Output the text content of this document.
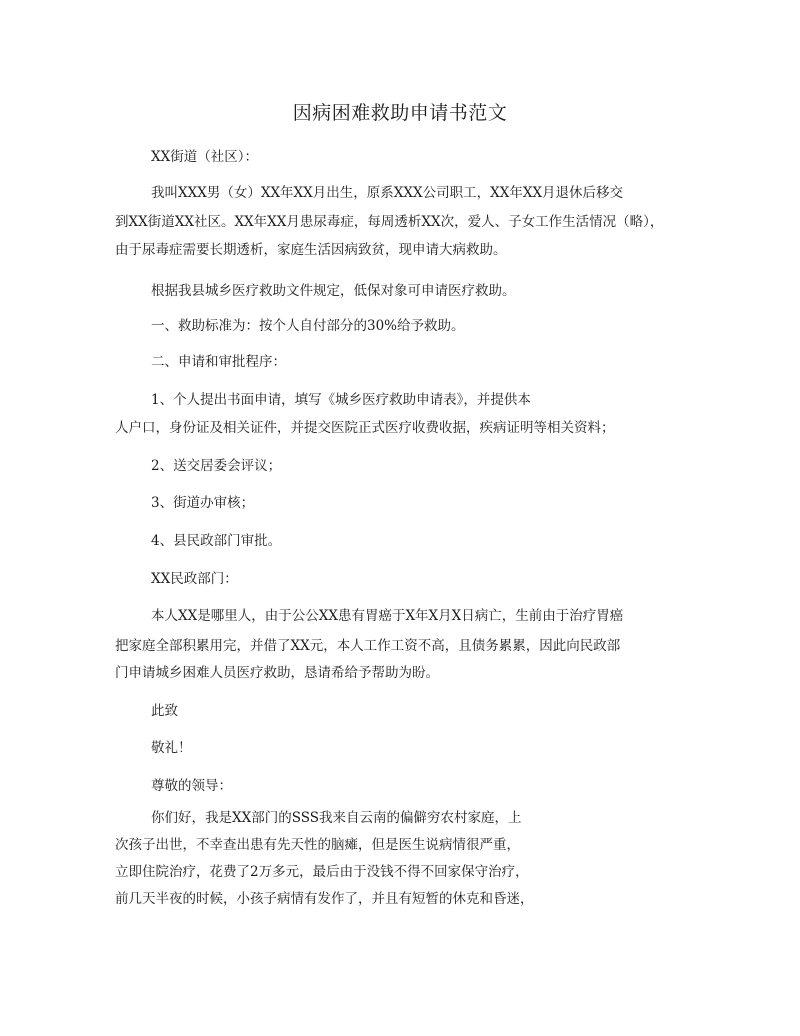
因病困难救助申请书范文
XX街道（社区）：
我叫XXX男（女）XX年XX月出生，原系XXX公司职工，XX年XX月退休后移交
到XX街道XX社区。XX年XX月患尿毒症，每周透析XX次，爱人、子女工作生活情况（略），
由于尿毒症需要长期透析，家庭生活因病致贫，现申请大病救助。
根据我县城乡医疗救助文件规定，低保对象可申请医疗救助。
一、救助标准为：按个人自付部分的30%给予救助。
二、申请和审批程序：
1、个人提出书面申请，填写《城乡医疗救助申请表》，并提供本
人户口，身份证及相关证件，并提交医院正式医疗收费收据，疾病证明等相关资料；
2、送交居委会评议；
3、街道办审核；
4、县民政部门审批。
XX民政部门：
本人XX是哪里人，由于公公XX患有胃癌于X年X月X日病亡，生前由于治疗胃癌
把家庭全部积累用完，并借了XX元，本人工作工资不高，且债务累累，因此向民政部
门申请城乡困难人员医疗救助，恳请希给予帮助为盼。
此致
敬礼！
尊敬的领导：
你们好，我是XX部门的SSS我来自云南的偏僻穷农村家庭，上
次孩子出世，不幸查出患有先天性的脑瘫，但是医生说病情很严重，
立即住院治疗，花费了2万多元，最后由于没钱不得不回家保守治疗，
前几天半夜的时候，小孩子病情有发作了，并且有短暂的休克和昏迷，
